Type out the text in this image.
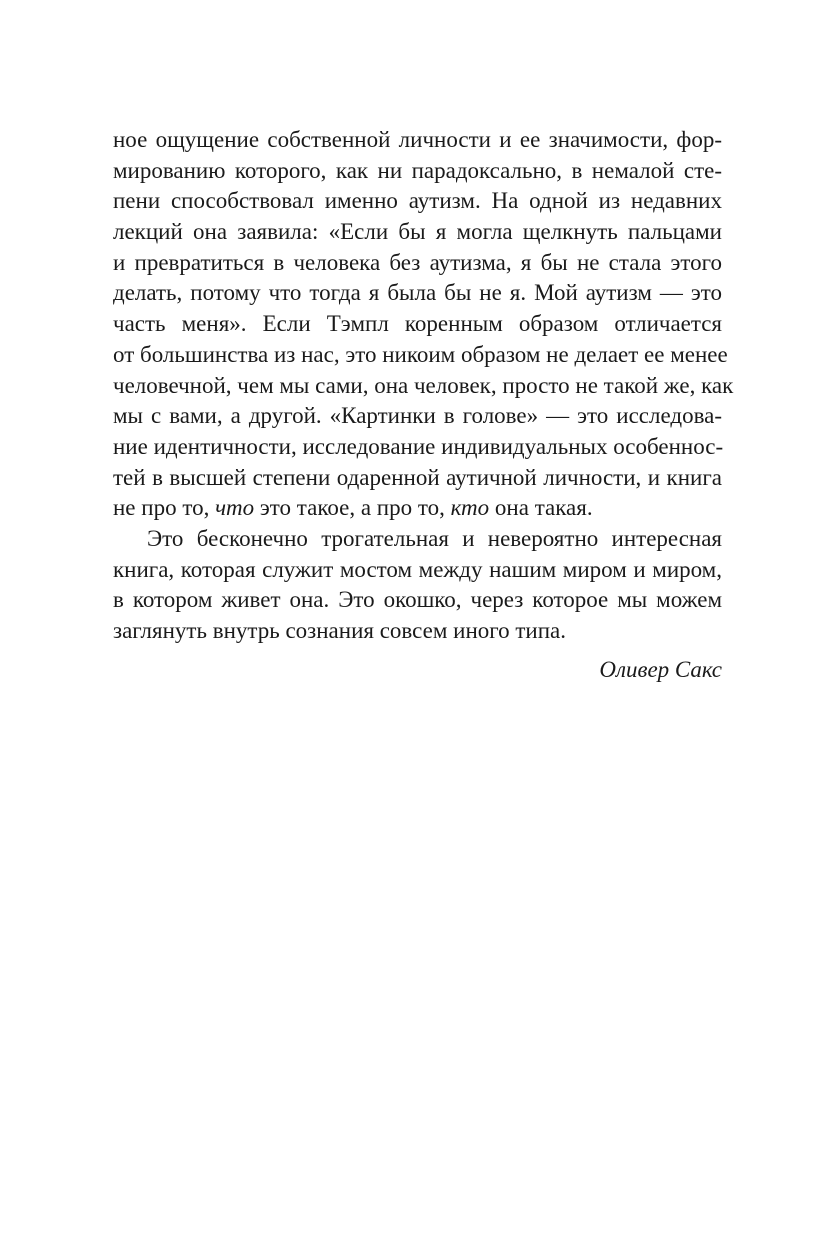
ное ощущение собственной личности и ее значимости, фор-
мированию которого, как ни парадоксально, в немалой сте-
пени способствовал именно аутизм. На одной из недавних
лекций она заявила: «Если бы я могла щелкнуть пальцами
и превратиться в человека без аутизма, я бы не стала этого
делать, потому что тогда я была бы не я. Мой аутизм — это
часть меня». Если Тэмпл коренным образом отличается
от большинства из нас, это никоим образом не делает ее менее
человечной, чем мы сами, она человек, просто не такой же, как
мы с вами, а другой. «Картинки в голове» — это исследова-
ние идентичности, исследование индивидуальных особеннос-
тей в высшей степени одаренной аутичной личности, и книга
не про то, что это такое, а про то, кто она такая.
Это бесконечно трогательная и невероятно интересная
книга, которая служит мостом между нашим миром и миром,
в котором живет она. Это окошко, через которое мы можем
заглянуть внутрь сознания совсем иного типа.
Оливер Сакс
